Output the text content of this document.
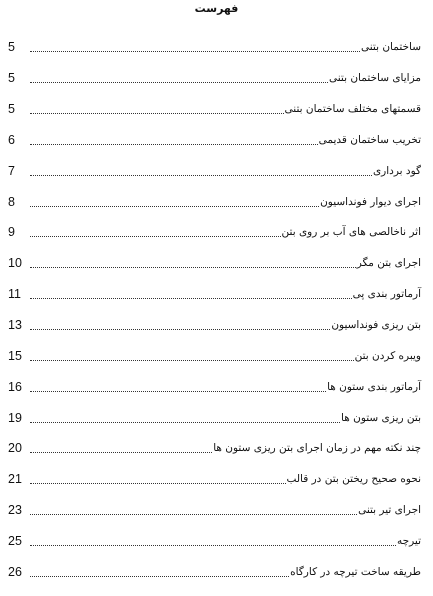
فهرست
ساختمان بتنی
5
مزایای ساختمان بتنی
5
قسمتهای مختلف ساختمان بتنی
5
تخریب ساختمان قدیمی
6
گود برداری
7
اجرای دیوار فونداسیون
8
اثر ناخالصی های آب بر روی بتن
9
اجرای بتن مگر
10
آرماتور بندی پی
11
بتن ریزی فونداسیون
13
ویبره کردن بتن
15
آرماتور بندی ستون ها
16
بتن ریزی ستون ها
19
چند نکته مهم در زمان اجرای بتن ریزی ستون ها
20
نحوه صحیح ریختن بتن در قالب
21
اجرای تیر بتنی
23
تیرچه
25
طریقه ساخت تیرچه در کارگاه
26
